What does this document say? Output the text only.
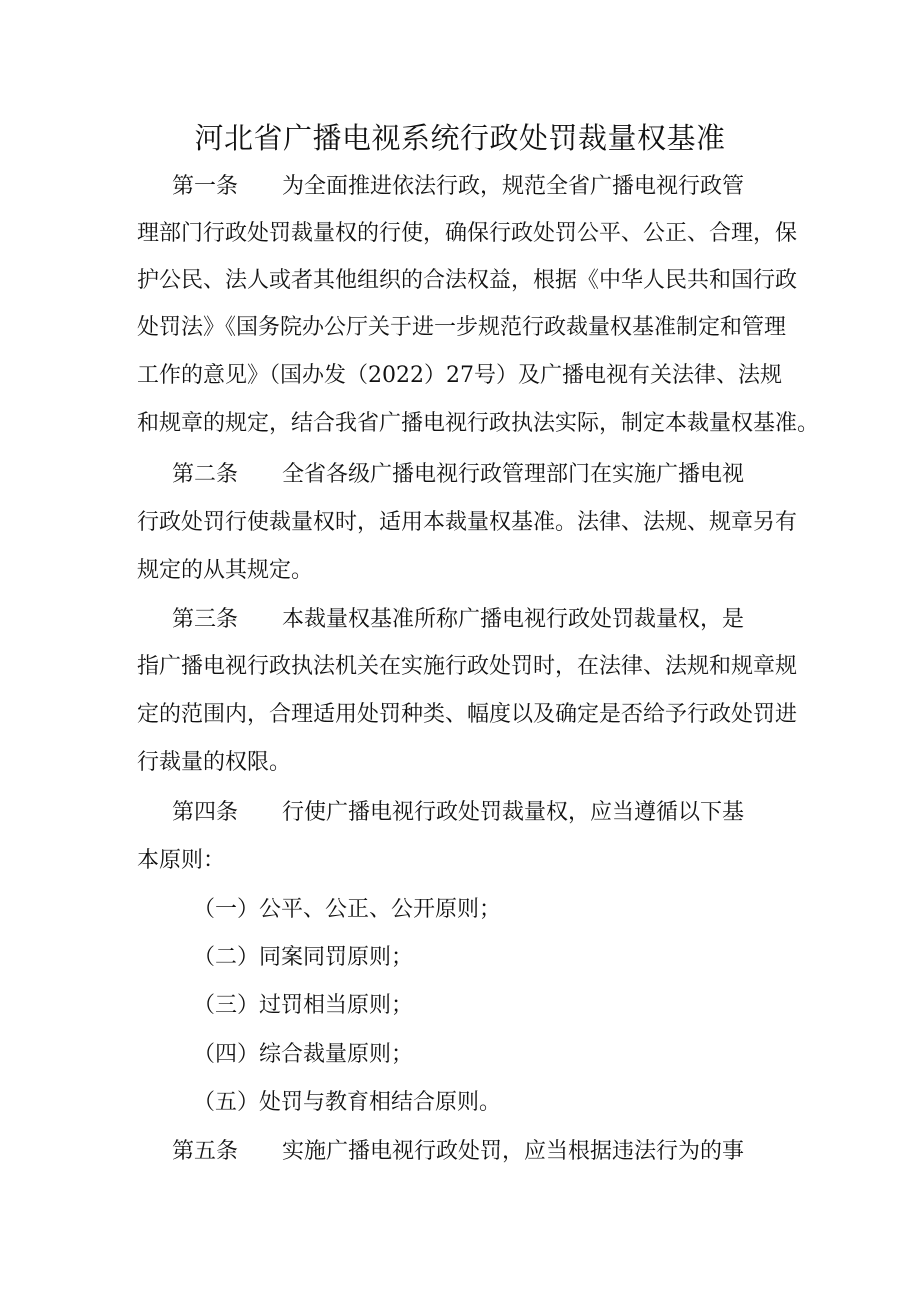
河北省广播电视系统行政处罚裁量权基准
第一条 为全面推进依法行政，规范全省广播电视行政管
理部门行政处罚裁量权的行使，确保行政处罚公平、公正、合理，保
护公民、法人或者其他组织的合法权益，根据《中华人民共和国行政
处罚法》《国务院办公厅关于进一步规范行政裁量权基准制定和管理
工作的意见》（国办发（2022）27号）及广播电视有关法律、法规
和规章的规定，结合我省广播电视行政执法实际，制定本裁量权基准。
第二条 全省各级广播电视行政管理部门在实施广播电视
行政处罚行使裁量权时，适用本裁量权基准。法律、法规、规章另有
规定的从其规定。
第三条 本裁量权基准所称广播电视行政处罚裁量权，是
指广播电视行政执法机关在实施行政处罚时，在法律、法规和规章规
定的范围内，合理适用处罚种类、幅度以及确定是否给予行政处罚进
行裁量的权限。
第四条 行使广播电视行政处罚裁量权，应当遵循以下基
本原则：
（一）公平、公正、公开原则；
（二）同案同罚原则；
（三）过罚相当原则；
（四）综合裁量原则；
（五）处罚与教育相结合原则。
第五条 实施广播电视行政处罚，应当根据违法行为的事
